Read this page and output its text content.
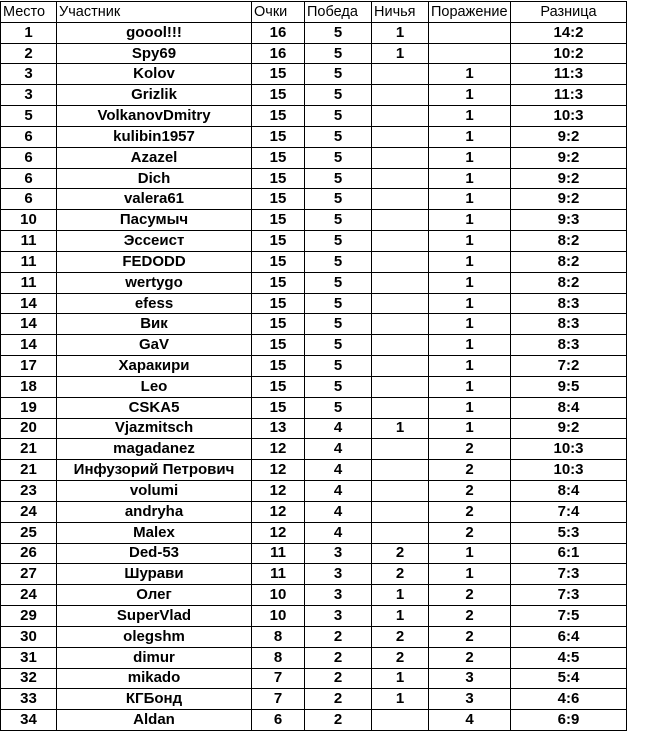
Место	Участник	Очки	Победа	Ничья	Поражение	Разница
1	goool!!!	16	5	1		14:2
2	Spy69	16	5	1		10:2
3	Kolov	15	5		1	11:3
3	Grizlik	15	5		1	11:3
5	VolkanovDmitry	15	5		1	10:3
6	kulibin1957	15	5		1	9:2
6	Azazel	15	5		1	9:2
6	Dich	15	5		1	9:2
6	valera61	15	5		1	9:2
10	Пасумыч	15	5		1	9:3
11	Эссеист	15	5		1	8:2
11	FEDODD	15	5		1	8:2
11	wertygo	15	5		1	8:2
14	efess	15	5		1	8:3
14	Вик	15	5		1	8:3
14	GaV	15	5		1	8:3
17	Харакири	15	5		1	7:2
18	Leo	15	5		1	9:5
19	CSKA5	15	5		1	8:4
20	Vjazmitsch	13	4	1	1	9:2
21	magadanez	12	4		2	10:3
21	Инфузорий Петрович	12	4		2	10:3
23	volumi	12	4		2	8:4
24	andryha	12	4		2	7:4
25	Malex	12	4		2	5:3
26	Ded-53	11	3	2	1	6:1
27	Шурави	11	3	2	1	7:3
24	Олег	10	3	1	2	7:3
29	SuperVlad	10	3	1	2	7:5
30	olegshm	8	2	2	2	6:4
31	dimur	8	2	2	2	4:5
32	mikado	7	2	1	3	5:4
33	КГБонд	7	2	1	3	4:6
34	Aldan	6	2		4	6:9
